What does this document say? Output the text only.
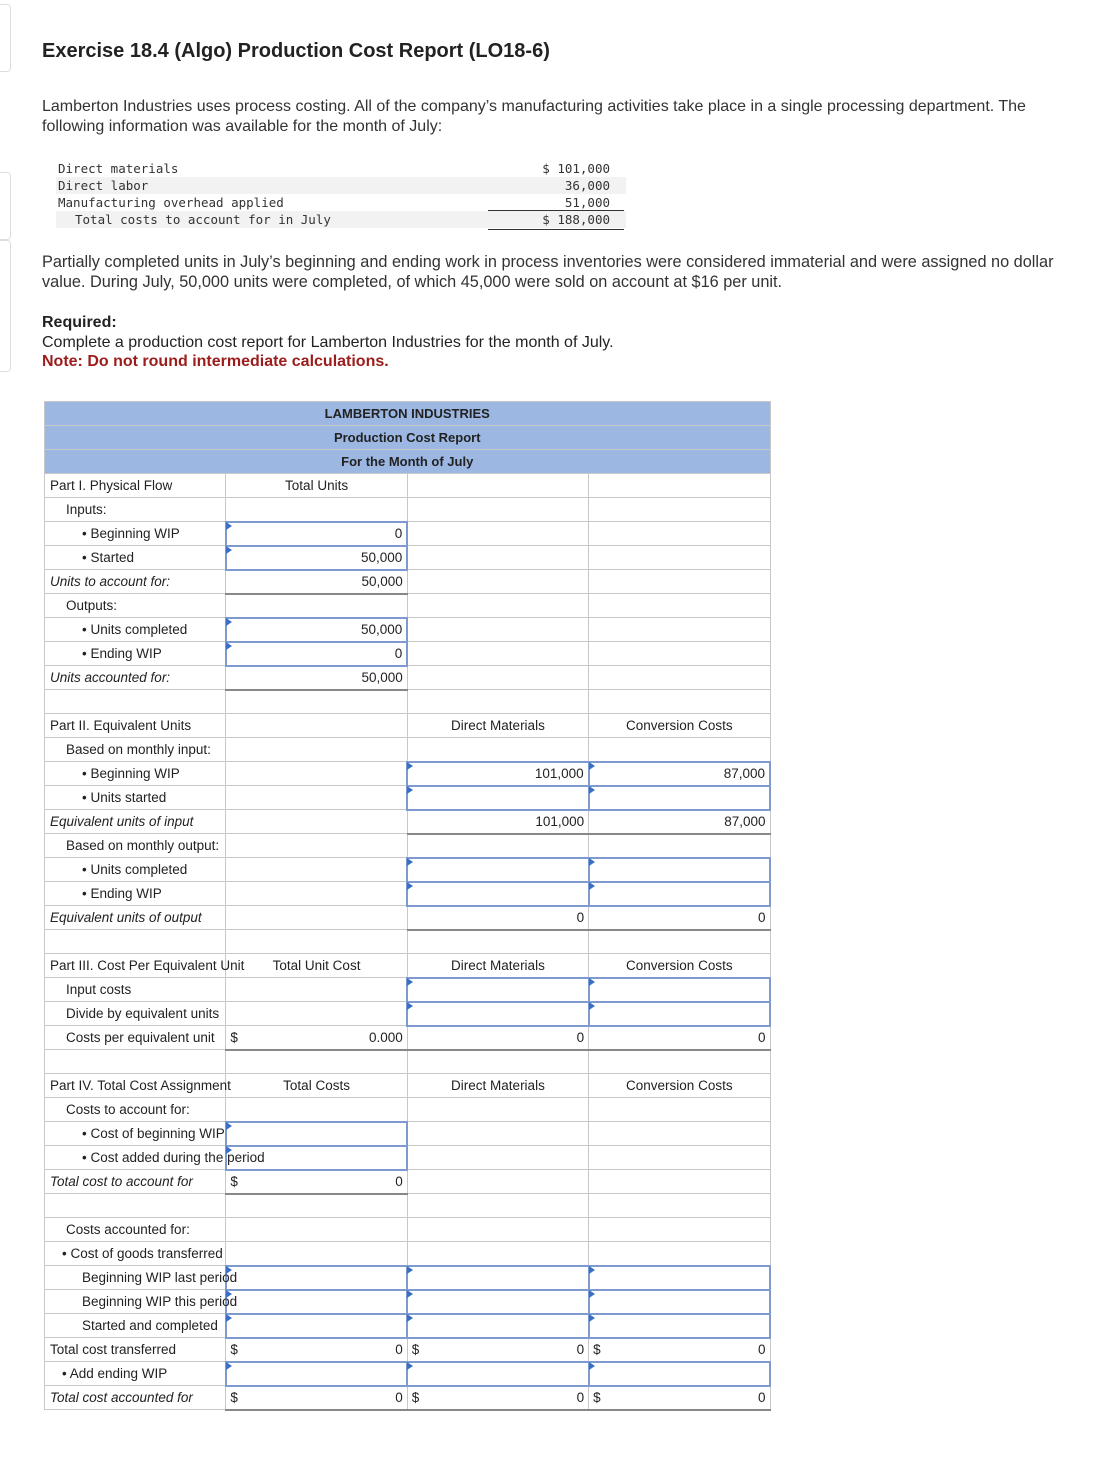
Exercise 18.4 (Algo) Production Cost Report (LO18-6)

Lamberton Industries uses process costing. All of the company’s manufacturing activities take place in a single processing department. The following information was available for the month of July:

Direct materials	$ 101,000
Direct labor	36,000
Manufacturing overhead applied	51,000
Total costs to account for in July	$ 188,000

Partially completed units in July’s beginning and ending work in process inventories were considered immaterial and were assigned no dollar value. During July, 50,000 units were completed, of which 45,000 were sold on account at $16 per unit.

Required:
Complete a production cost report for Lamberton Industries for the month of July.
Note: Do not round intermediate calculations.
LAMBERTON INDUSTRIES			
Production Cost Report			
For the Month of July			
Part I. Physical Flow	Total Units		
Inputs:			
• Beginning WIP	0		
• Started	50,000		
Units to account for:	50,000		
Outputs:			
• Units completed	50,000		
• Ending WIP	0		
Units accounted for:	50,000		

Part II. Equivalent Units		Direct Materials	Conversion Costs
Based on monthly input:			
• Beginning WIP		101,000	87,000
• Units started			
Equivalent units of input		101,000	87,000
Based on monthly output:			
• Units completed			
• Ending WIP			
Equivalent units of output		0	0

Part III. Cost Per Equivalent Unit	Total Unit Cost	Direct Materials	Conversion Costs
Input costs			
Divide by equivalent units			
Costs per equivalent unit	$ 0.000	0	0

Part IV. Total Cost Assignment	Total Costs	Direct Materials	Conversion Costs
Costs to account for:			
• Cost of beginning WIP			
• Cost added during the period			
Total cost to account for	$ 0		

Costs accounted for:			
• Cost of goods transferred			
Beginning WIP last period			
Beginning WIP this period			
Started and completed			
Total cost transferred	$ 0	$ 0	$ 0
• Add ending WIP			
Total cost accounted for	$ 0	$ 0	$ 0
